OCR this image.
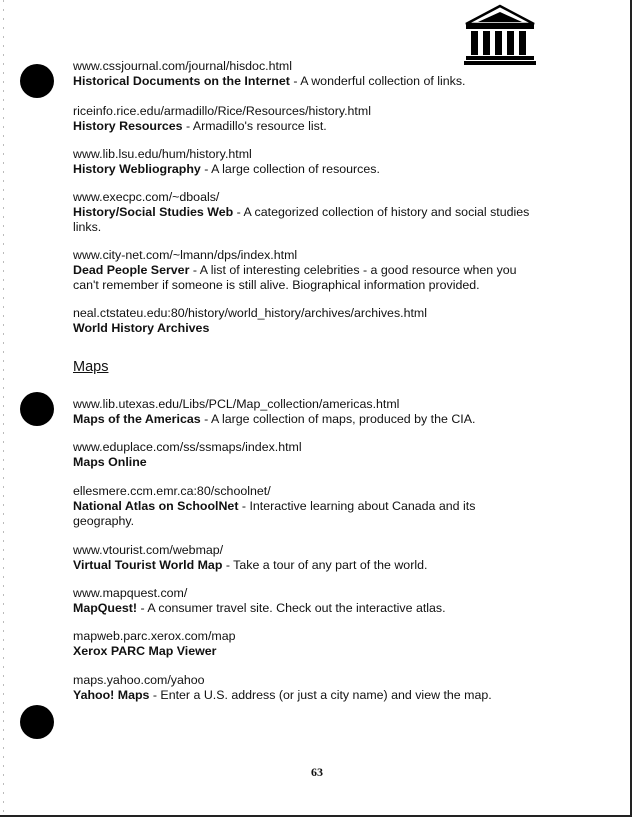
www.cssjournal.com/journal/hisdoc.html
Historical Documents on the Internet - A wonderful collection of links.
riceinfo.rice.edu/armadillo/Rice/Resources/history.html
History Resources - Armadillo's resource list.
www.lib.lsu.edu/hum/history.html
History Webliography - A large collection of resources.
www.execpc.com/~dboals/
History/Social Studies Web - A categorized collection of history and social studies
links.
www.city-net.com/~lmann/dps/index.html
Dead People Server - A list of interesting celebrities - a good resource when you
can't remember if someone is still alive. Biographical information provided.
neal.ctstateu.edu:80/history/world_history/archives/archives.html
World History Archives
Maps
www.lib.utexas.edu/Libs/PCL/Map_collection/americas.html
Maps of the Americas - A large collection of maps, produced by the CIA.
www.eduplace.com/ss/ssmaps/index.html
Maps Online
ellesmere.ccm.emr.ca:80/schoolnet/
National Atlas on SchoolNet - Interactive learning about Canada and its
geography.
www.vtourist.com/webmap/
Virtual Tourist World Map - Take a tour of any part of the world.
www.mapquest.com/
MapQuest! - A consumer travel site. Check out the interactive atlas.
mapweb.parc.xerox.com/map
Xerox PARC Map Viewer
maps.yahoo.com/yahoo
Yahoo! Maps - Enter a U.S. address (or just a city name) and view the map.
63
